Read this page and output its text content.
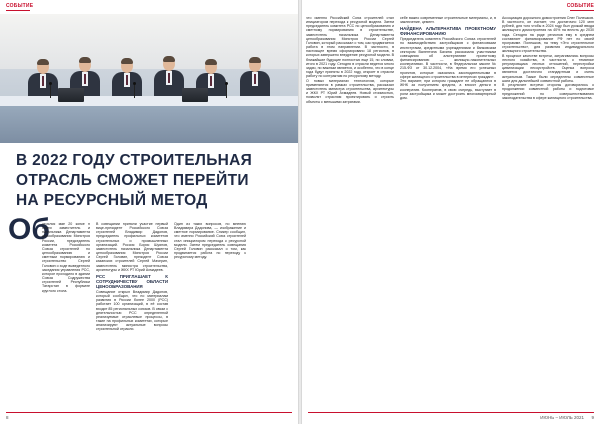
СОБЫТИЕ
В 2022 ГОДУ СТРОИТЕЛЬНАЯ
ОТРАСЛЬ СМОЖЕТ ПЕРЕЙТИ
НА РЕСУРСНЫЙ МЕТОД
Об

отоялся мае 20 конке п Казеи заместитель и начальника Департамента ценообразования Минстроя России, председатель комитета Российского Союза строителей по ценообразованию и сметным нормированию и строительство Сергей Головин о ходе выведенного заседания управления РСС, которое проходило в здании Союза Содружества строителей Республики Татарстан в формате круглого стола.

В совещании приняли участие первый вице-президент Российского Союза строителей Владимир Дадонов, председатель профильных комитетов строительных и промышленных организаций. Россия Борис Шуянов, заместитель начальника Департамента ценообразования Минстроя России Сергей Головин, президент Союза казанских строителей Сергей Мачерин, заместитель министра строительства, архитектуры и ЖКХ РТ Юрий Ахмадеев.

РСС ПРИГЛАШАЕТ К СОТРУДНИЧЕСТВУ ОБЛАСТИ ЦЕНООБРАЗОВАНИЯ

Совещание открыл Владимир Дадонов, который сообщил, что по материалам развития в России более 2000 (РСС) работает 100 организаций, в её состав входит 85 региональных союзов. В связи с деятельностью РСС определенной реализуемые отраслевые процессы, в такие на профильных комитетах, которые анализируют актуальные вопросы строительной отрасли.

Один из таких вопросов, по мнению Владимира Дадонова, — изображение и сметное нормирование. Спикер сообщил, что именно Российский Союз строителей стал инициатором перехода к ресурсной модели. Затем председатель совещания Сергей Головин рассказал о том, как продвигается работа по переходу к ресурсному методу.

8
СОБЫТИЕ

что именно Российский Союз строителей стал инициатором перехода к ресурсной модели. Затем председатель комитета РСС по ценообразованию и сметному нормированию в строительстве, заместитель начальника Департамента ценообразования Минстроя России Сергей Головин, который рассказал о том, как продвигается работа в этом направлении. В частности, в настоящее время сформировано 18 регионов, в которых завершено внедрение ресурсной модели. В ближайшие будущие полностью еще 15, по словам, итого в 2021 году. Сегодня в отрасли ведется много задач, но важным является, и особенно, что в конце года будут приняты в 2022 году, откроет в отрасли работу по контрактам по ресурсному методу.

О новых материалах технологиях, которые применяются в рамках строительства, рассказал заместитель министра строительства, архитектуры и ЖКХ РТ Юрий Ахмадеев. Новый стоимостью, позволят отраслям проектировать и строить объекты с меньшими затратами.

себе важно современные строительные материалы, и, в заключение, цемент.

НАЙДЕНА АЛЬТЕРНАТИВА ПРОЕКТНОМУ ФИНАНСИРОВАНИЮ

Председатель комитета Российского Союза строителей по взаимодействию застройщиков с финансовыми институтами, кредитными учреждениями и банковским сектором Валентина Бахина рассказала участникам совещания об альтернативе проектному финансированию — жилищно-накопительных кооперативах. В частности, в Федеральном законе № 215-ФЗ от 30.12.2004, «На время его успешных проектов, которые оказались законодательными в сфере жилищного строительства в интересах граждан».

Это вариант, при котором граждане не обращаются в ЖНК за получением кредита, а вносят деньги в кооператив. Кооператив, в свою очередь, выступает в роли застройщика и может достроить многоквартирный дом.

Ассоциация дорожного домостроения Олег Полешков. В частности, он считает, что достаточно 120 млн рублей, для того чтобы в 2024 году был урожай ввода жилищного домостроения на 40% на вплоть до 2030 года. Сегодня на ряде регионов ему в среднем составляет финансирование РФ нет по своей программе. Полешков, на тему «Это строительное строительство», для развития индивидуального жилищного строительства.

В процессе качестве встречи, затрагивались вопросы лесного хозяйства, в частности, о тематике регулировщика лесных отношений, перестройки цивилизации лесоустройств. Оценка вопроса является достаточно стандартным и очень актуальным. Также были определены совместные шаги для дальнейшей совместной работы.

В результате встречи стороны договорились о продолжении совместной работы и подготовке предложений по совершенствованию законодательства в сфере жилищного строительства.

ИЮНЬ – ИЮЛЬ 2021 9
